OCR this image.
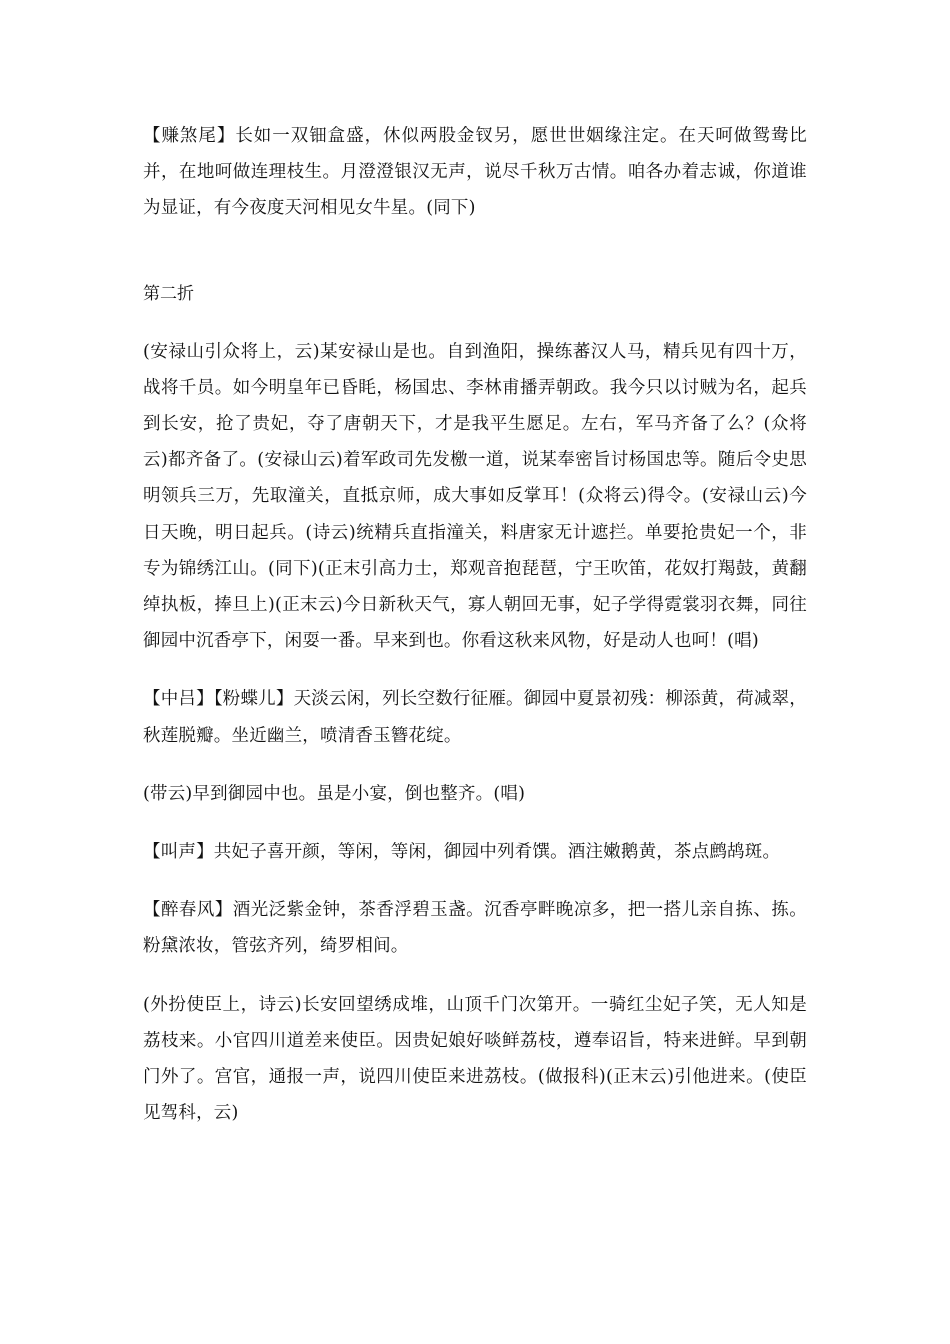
【赚煞尾】长如一双钿盒盛，休似两股金钗另，愿世世姻缘注定。在天呵做鸳鸯比并，在地呵做连理枝生。月澄澄银汉无声，说尽千秋万古情。咱各办着志诚，你道谁为显证，有今夜度天河相见女牛星。(同下)

第二折

(安禄山引众将上，云)某安禄山是也。自到渔阳，操练蕃汉人马，精兵见有四十万，战将千员。如今明皇年已昏眊，杨国忠、李林甫播弄朝政。我今只以讨贼为名，起兵到长安，抢了贵妃，夺了唐朝天下，才是我平生愿足。左右，军马齐备了么？(众将云)都齐备了。(安禄山云)着军政司先发檄一道，说某奉密旨讨杨国忠等。随后令史思明领兵三万，先取潼关，直抵京师，成大事如反掌耳！(众将云)得令。(安禄山云)今日天晚，明日起兵。(诗云)统精兵直指潼关，料唐家无计遮拦。单要抢贵妃一个，非专为锦绣江山。(同下)(正末引高力士，郑观音抱琵琶，宁王吹笛，花奴打羯鼓，黄翻绰执板，捧旦上)(正末云)今日新秋天气，寡人朝回无事，妃子学得霓裳羽衣舞，同往御园中沉香亭下，闲耍一番。早来到也。你看这秋来风物，好是动人也呵！(唱)

【中吕】【粉蝶儿】天淡云闲，列长空数行征雁。御园中夏景初残：柳添黄，荷减翠，秋莲脱瓣。坐近幽兰，喷清香玉簪花绽。

(带云)早到御园中也。虽是小宴，倒也整齐。(唱)

【叫声】共妃子喜开颜，等闲，等闲，御园中列肴馔。酒注嫩鹅黄，茶点鹧鸪斑。

【醉春风】酒光泛紫金钟，茶香浮碧玉盏。沉香亭畔晚凉多，把一搭儿亲自拣、拣。粉黛浓妆，管弦齐列，绮罗相间。

(外扮使臣上，诗云)长安回望绣成堆，山顶千门次第开。一骑红尘妃子笑，无人知是荔枝来。小官四川道差来使臣。因贵妃娘好啖鲜荔枝，遵奉诏旨，特来进鲜。早到朝门外了。宫官，通报一声，说四川使臣来进荔枝。(做报科)(正末云)引他进来。(使臣见驾科，云)
